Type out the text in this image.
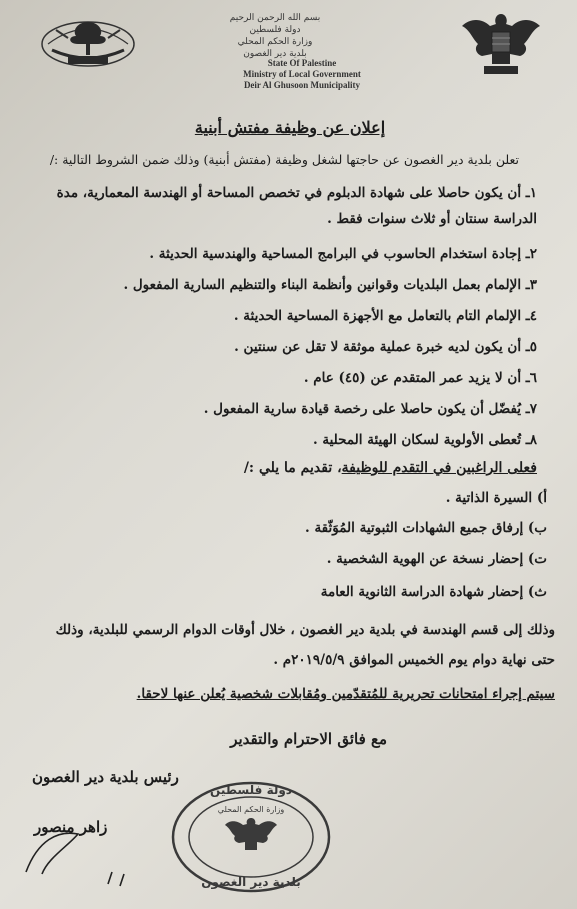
بسم الله الرحمن الرحيم
دولة فلسطين
وزارة الحكم المحلي
بلدية دير الغصون
State Of Palestine
Ministry of Local Government
Deir Al Ghusoon Municipality
إعلان عن وظيفة مفتش أبنية
تعلن بلدية دير الغصون عن حاجتها لشغل وظيفة (مفتش أبنية) وذلك ضمن الشروط التالية :/
١ـ أن يكون حاصلا على شهادة الدبلوم في تخصص المساحة أو الهندسة المعمارية، مدة الدراسة سنتان أو ثلاث سنوات فقط .
٢ـ إجادة استخدام الحاسوب في البرامج المساحية والهندسية الحديثة .
٣ـ الإلمام بعمل البلديات وقوانين وأنظمة البناء والتنظيم السارية المفعول .
٤ـ الإلمام التام بالتعامل مع الأجهزة المساحية الحديثة .
٥ـ أن يكون لديه خبرة عملية موثقة لا تقل عن سنتين .
٦ـ أن لا يزيد عمر المتقدم عن (٤٥) عام .
٧ـ يُفضّل أن يكون حاصلا على رخصة قيادة سارية المفعول .
٨ـ تُعطى الأولوية لسكان الهيئة المحلية .
فعلى الراغبين في التقدم للوظيفة، تقديم ما يلي :/
أ) السيرة الذاتية .
ب) إرفاق جميع الشهادات الثبوتية المُوَثّقة .
ت) إحضار نسخة عن الهوية الشخصية .
ث) إحضار شهادة الدراسة الثانوية العامة
وذلك إلى قسم الهندسة في بلدية دير الغصون ، خلال أوقات الدوام الرسمي للبلدية، وذلك
حتى نهاية دوام يوم الخميس الموافق ٢٠١٩/٥/٩م .
سيتم إجراء امتحانات تحريرية للمُتقدّمين ومُقابلات شخصية يُعلن عنها لاحقا.
مع فائق الاحترام والتقدير
رئيس بلدية دير الغصون
زاهر منصور
دولة فلسطين
وزارة الحكم المحلي
بلدية دير الغصون
